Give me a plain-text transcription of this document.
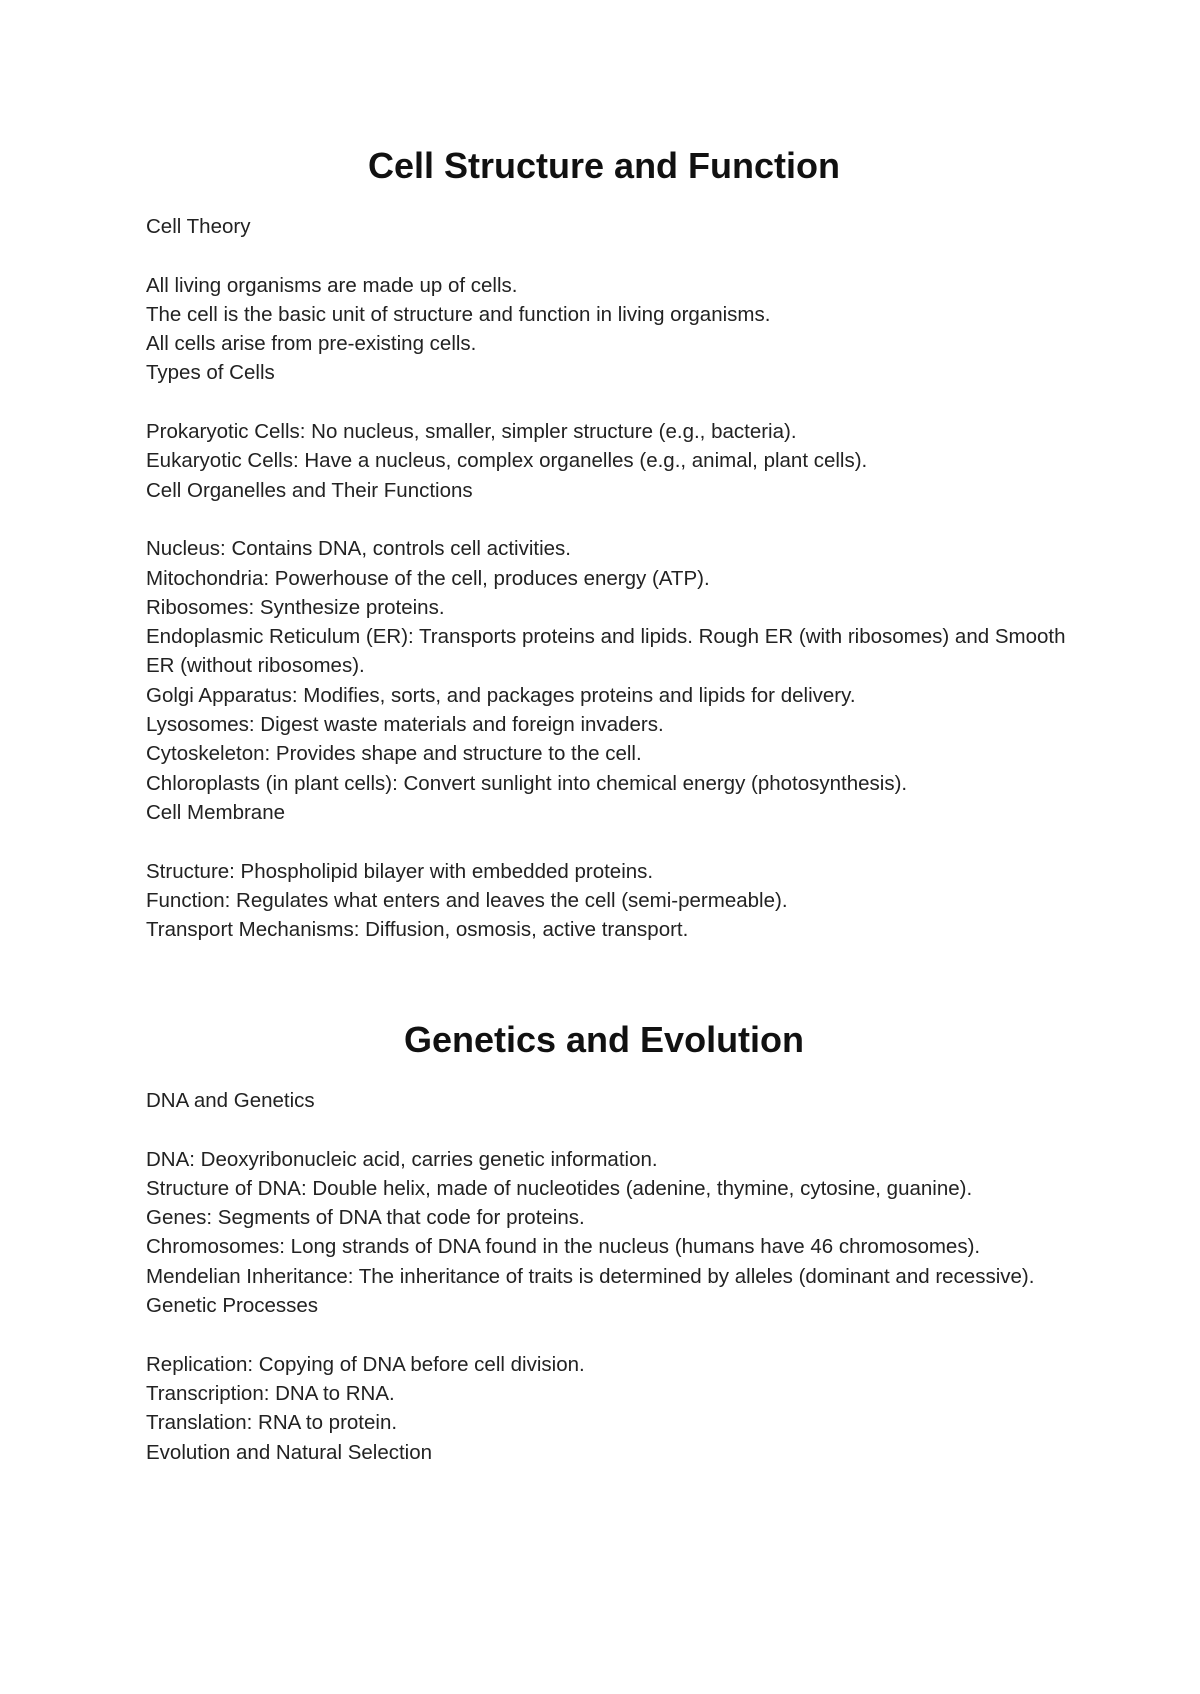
Cell Structure and Function

Cell Theory

All living organisms are made up of cells.

The cell is the basic unit of structure and function in living organisms.

All cells arise from pre-existing cells.

Types of Cells

Prokaryotic Cells: No nucleus, smaller, simpler structure (e.g., bacteria).

Eukaryotic Cells: Have a nucleus, complex organelles (e.g., animal, plant cells).

Cell Organelles and Their Functions

Nucleus: Contains DNA, controls cell activities.

Mitochondria: Powerhouse of the cell, produces energy (ATP).

Ribosomes: Synthesize proteins.

Endoplasmic Reticulum (ER): Transports proteins and lipids. Rough ER (with ribosomes) and Smooth ER (without ribosomes).

Golgi Apparatus: Modifies, sorts, and packages proteins and lipids for delivery.

Lysosomes: Digest waste materials and foreign invaders.

Cytoskeleton: Provides shape and structure to the cell.

Chloroplasts (in plant cells): Convert sunlight into chemical energy (photosynthesis).

Cell Membrane

Structure: Phospholipid bilayer with embedded proteins.

Function: Regulates what enters and leaves the cell (semi-permeable).

Transport Mechanisms: Diffusion, osmosis, active transport.

Genetics and Evolution

DNA and Genetics

DNA: Deoxyribonucleic acid, carries genetic information.

Structure of DNA: Double helix, made of nucleotides (adenine, thymine, cytosine, guanine).

Genes: Segments of DNA that code for proteins.

Chromosomes: Long strands of DNA found in the nucleus (humans have 46 chromosomes).

Mendelian Inheritance: The inheritance of traits is determined by alleles (dominant and recessive).

Genetic Processes

Replication: Copying of DNA before cell division.

Transcription: DNA to RNA.

Translation: RNA to protein.

Evolution and Natural Selection
